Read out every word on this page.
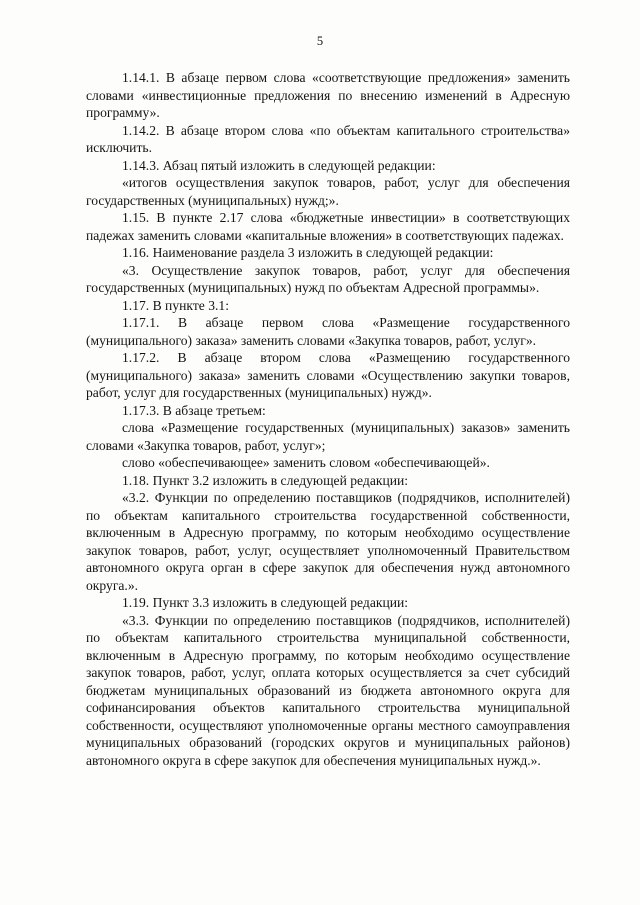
5

1.14.1. В абзаце первом слова «соответствующие предложения» заменить словами «инвестиционные предложения по внесению изменений в Адресную программу».

1.14.2. В абзаце втором слова «по объектам капитального строительства» исключить.

1.14.3. Абзац пятый изложить в следующей редакции:

«итогов осуществления закупок товаров, работ, услуг для обеспечения государственных (муниципальных) нужд;».

1.15. В пункте 2.17 слова «бюджетные инвестиции» в соответствующих падежах заменить словами «капитальные вложения» в соответствующих падежах.

1.16. Наименование раздела 3 изложить в следующей редакции:

«3. Осуществление закупок товаров, работ, услуг для обеспечения государственных (муниципальных) нужд по объектам Адресной программы».

1.17. В пункте 3.1:

1.17.1. В абзаце первом слова «Размещение государственного (муниципального) заказа» заменить словами «Закупка товаров, работ, услуг».

1.17.2. В абзаце втором слова «Размещению государственного (муниципального) заказа» заменить словами «Осуществлению закупки товаров, работ, услуг для государственных (муниципальных) нужд».

1.17.3. В абзаце третьем:

слова «Размещение государственных (муниципальных) заказов» заменить словами «Закупка товаров, работ, услуг»;

слово «обеспечивающее» заменить словом «обеспечивающей».

1.18. Пункт 3.2 изложить в следующей редакции:

«3.2. Функции по определению поставщиков (подрядчиков, исполнителей) по объектам капитального строительства государственной собственности, включенным в Адресную программу, по которым необходимо осуществление закупок товаров, работ, услуг, осуществляет уполномоченный Правительством автономного округа орган в сфере закупок для обеспечения нужд автономного округа.».

1.19. Пункт 3.3 изложить в следующей редакции:

«3.3. Функции по определению поставщиков (подрядчиков, исполнителей) по объектам капитального строительства муниципальной собственности, включенным в Адресную программу, по которым необходимо осуществление закупок товаров, работ, услуг, оплата которых осуществляется за счет субсидий бюджетам муниципальных образований из бюджета автономного округа для софинансирования объектов капитального строительства муниципальной собственности, осуществляют уполномоченные органы местного самоуправления муниципальных образований (городских округов и муниципальных районов) автономного округа в сфере закупок для обеспечения муниципальных нужд.».
